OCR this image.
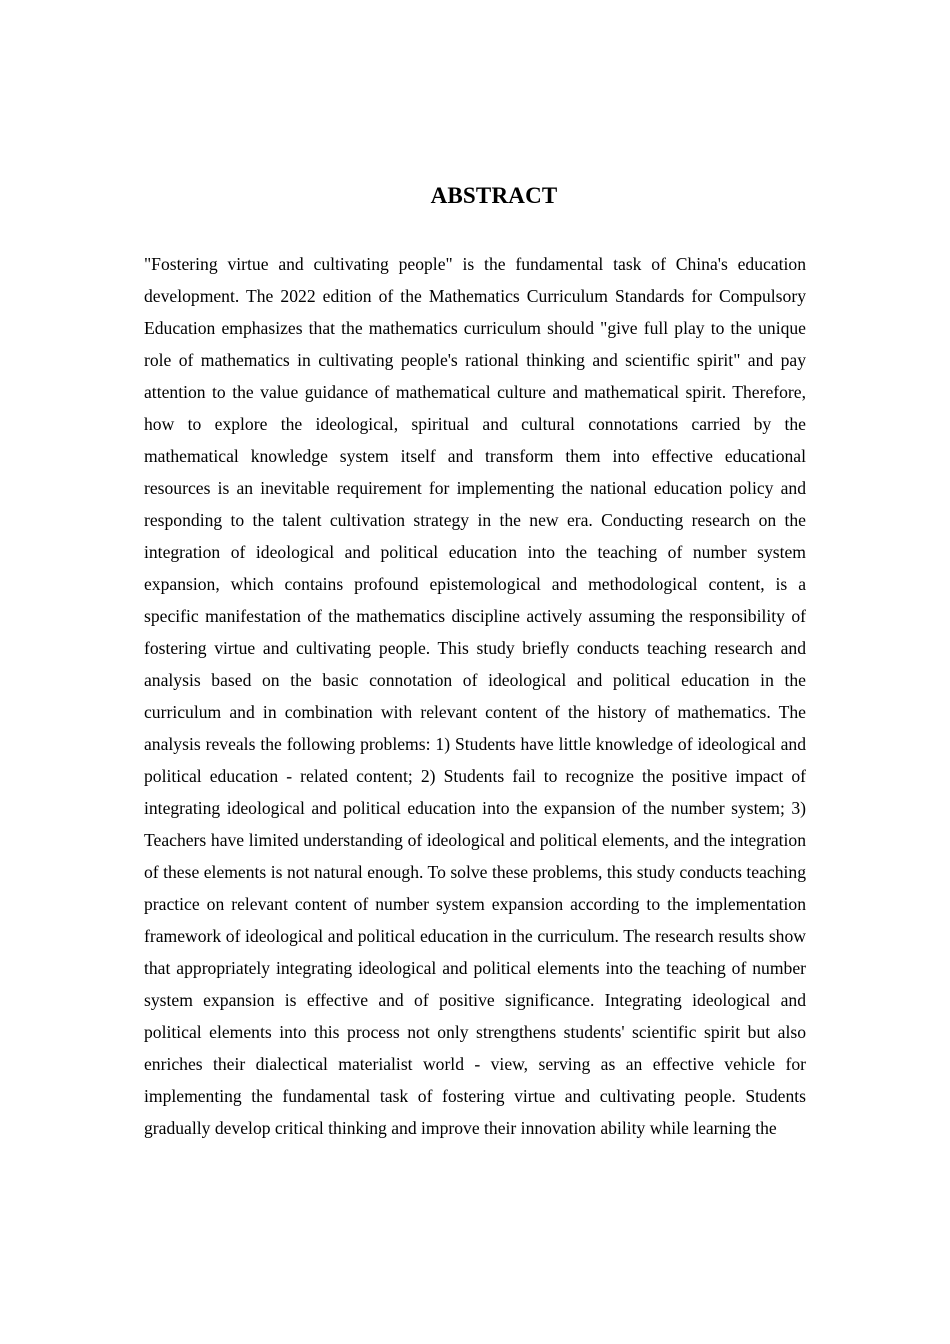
ABSTRACT

"Fostering virtue and cultivating people" is the fundamental task of China's education development. The 2022 edition of the Mathematics Curriculum Standards for Compulsory Education emphasizes that the mathematics curriculum should "give full play to the unique role of mathematics in cultivating people's rational thinking and scientific spirit" and pay attention to the value guidance of mathematical culture and mathematical spirit. Therefore, how to explore the ideological, spiritual and cultural connotations carried by the mathematical knowledge system itself and transform them into effective educational resources is an inevitable requirement for implementing the national education policy and responding to the talent cultivation strategy in the new era. Conducting research on the integration of ideological and political education into the teaching of number system expansion, which contains profound epistemological and methodological content, is a specific manifestation of the mathematics discipline actively assuming the responsibility of fostering virtue and cultivating people. This study briefly conducts teaching research and analysis based on the basic connotation of ideological and political education in the curriculum and in combination with relevant content of the history of mathematics. The analysis reveals the following problems: 1) Students have little knowledge of ideological and political education - related content; 2) Students fail to recognize the positive impact of integrating ideological and political education into the expansion of the number system; 3) Teachers have limited understanding of ideological and political elements, and the integration of these elements is not natural enough. To solve these problems, this study conducts teaching practice on relevant content of number system expansion according to the implementation framework of ideological and political education in the curriculum. The research results show that appropriately integrating ideological and political elements into the teaching of number system expansion is effective and of positive significance. Integrating ideological and political elements into this process not only strengthens students' scientific spirit but also enriches their dialectical materialist world - view, serving as an effective vehicle for implementing the fundamental task of fostering virtue and cultivating people. Students gradually develop critical thinking and improve their innovation ability while learning the
